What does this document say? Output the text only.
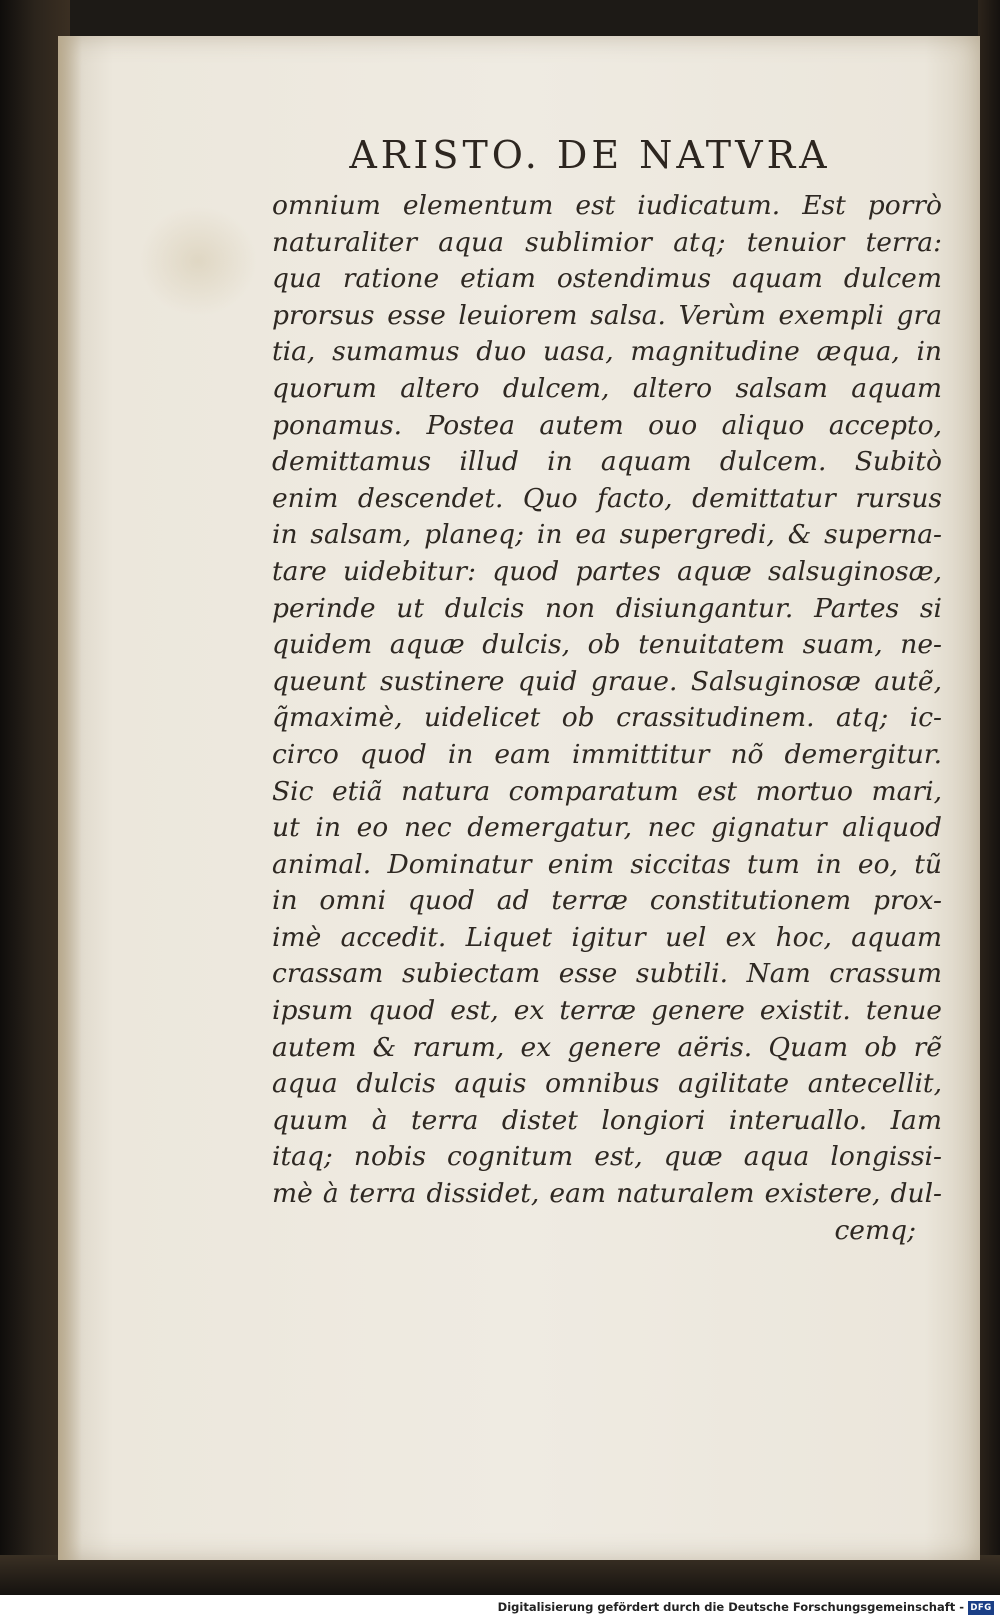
ARISTO. DE NATVRA
omnium elementum est iudicatum. Est porrò
naturaliter aqua sublimior atq; tenuior terra:
qua ratione etiam ostendimus aquam dulcem
prorsus esse leuiorem salsa. Verùm exempli gra
tia, sumamus duo uasa, magnitudine æqua, in
quorum altero dulcem, altero salsam aquam
ponamus. Postea autem ouo aliquo accepto,
demittamus illud in aquam dulcem. Subitò
enim descendet. Quo facto, demittatur rursus
in salsam, planeq; in ea supergredi, & superna-
tare uidebitur: quod partes aquæ salsuginosæ,
perinde ut dulcis non disiungantur. Partes si
quidem aquæ dulcis, ob tenuitatem suam, ne-
queunt sustinere quid graue. Salsuginosæ autẽ,
q̃maximè, uidelicet ob crassitudinem. atq; ic-
circo quod in eam immittitur nõ demergitur.
Sic etiã natura comparatum est mortuo mari,
ut in eo nec demergatur, nec gignatur aliquod
animal. Dominatur enim siccitas tum in eo, tũ
in omni quod ad terræ constitutionem prox-
imè accedit. Liquet igitur uel ex hoc, aquam
crassam subiectam esse subtili. Nam crassum
ipsum quod est, ex terræ genere existit. tenue
autem & rarum, ex genere aëris. Quam ob rẽ
aqua dulcis aquis omnibus agilitate antecellit,
quum à terra distet longiori interuallo. Iam
itaq; nobis cognitum est, quæ aqua longissi-
mè à terra dissidet, eam naturalem existere, dul-
cemq;
Digitalisierung gefördert durch die Deutsche Forschungsgemeinschaft - DFG
